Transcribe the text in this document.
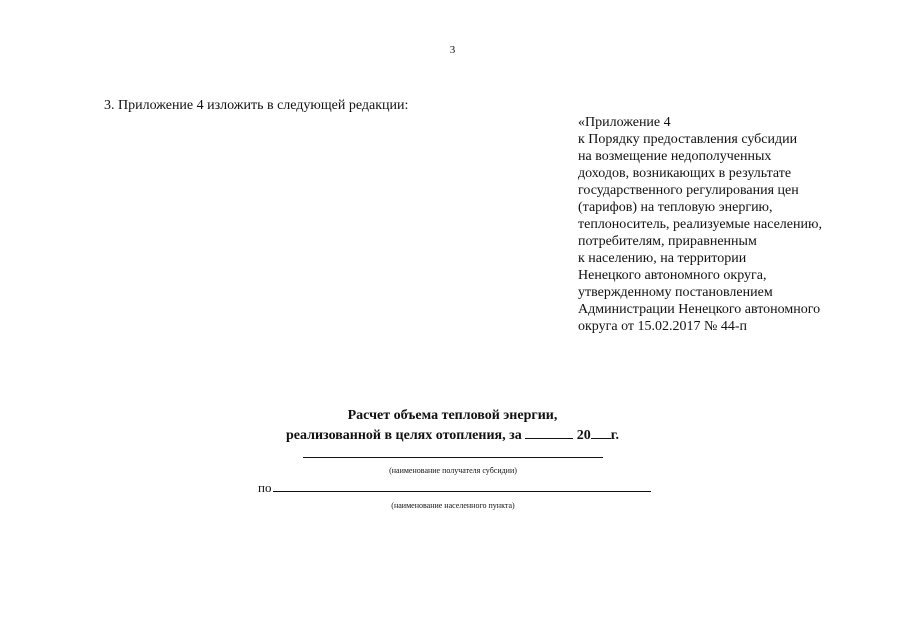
3
3. Приложение 4 изложить в следующей редакции:
«Приложение 4
к Порядку предоставления субсидии
на возмещение недополученных
доходов, возникающих в результате
государственного регулирования цен
(тарифов) на тепловую энергию,
теплоноситель, реализуемые населению,
потребителям, приравненным
к населению, на территории
Ненецкого автономного округа,
утвержденному постановлением
Администрации Ненецкого автономного
округа от 15.02.2017 № 44-п
Расчет объема тепловой энергии,
реализованной в целях отопления, за	20 г.
(наименование получателя субсидии)
по
(наименование населенного пункта)
